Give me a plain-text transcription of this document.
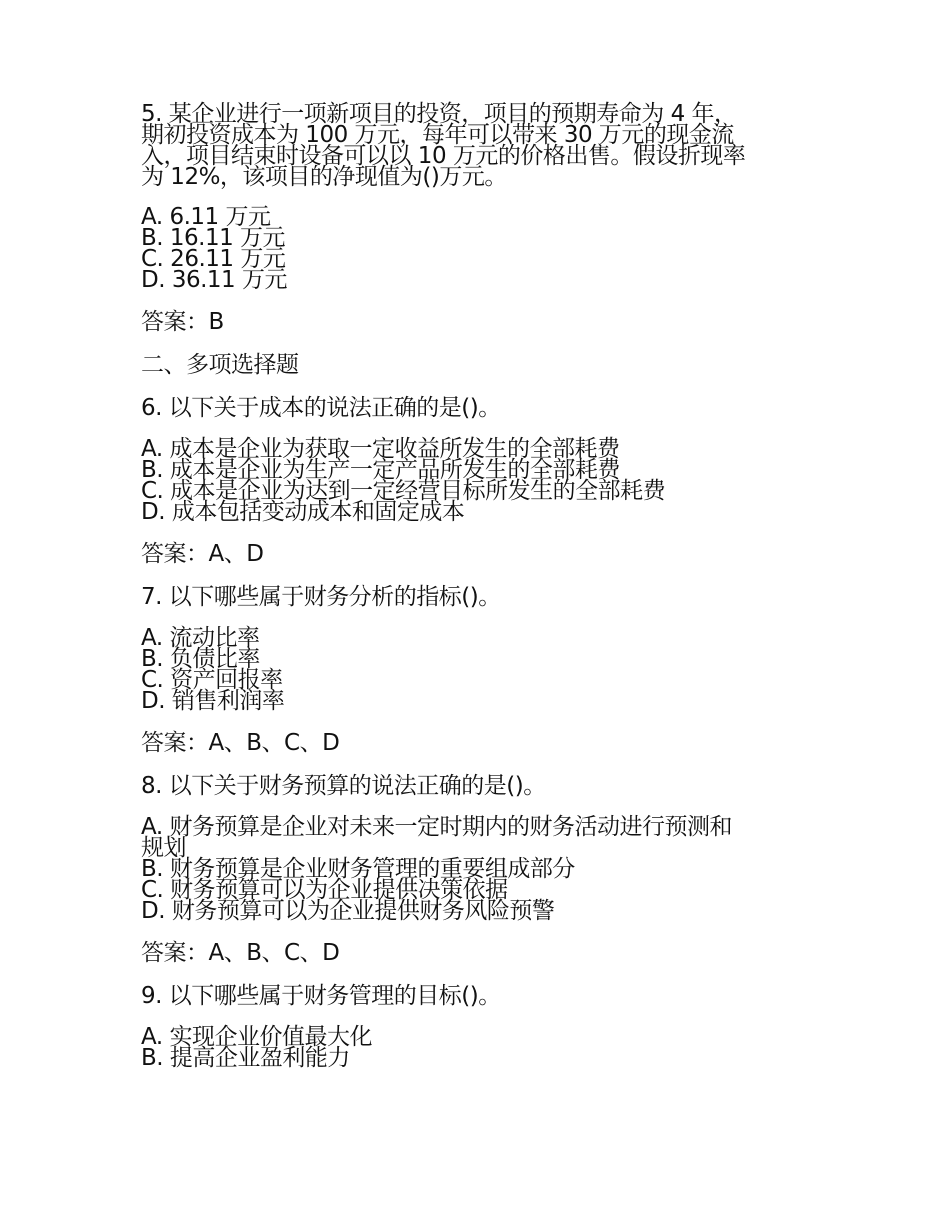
5. 某企业进行一项新项目的投资，项目的预期寿命为 4 年，
期初投资成本为 100 万元，每年可以带来 30 万元的现金流
入，项目结束时设备可以以 10 万元的价格出售。假设折现率
为 12%，该项目的净现值为()万元。
A. 6.11 万元
B. 16.11 万元
C. 26.11 万元
D. 36.11 万元
答案：B
二、多项选择题
6. 以下关于成本的说法正确的是()。
A. 成本是企业为获取一定收益所发生的全部耗费
B. 成本是企业为生产一定产品所发生的全部耗费
C. 成本是企业为达到一定经营目标所发生的全部耗费
D. 成本包括变动成本和固定成本
答案：A、D
7. 以下哪些属于财务分析的指标()。
A. 流动比率
B. 负债比率
C. 资产回报率
D. 销售利润率
答案：A、B、C、D
8. 以下关于财务预算的说法正确的是()。
A. 财务预算是企业对未来一定时期内的财务活动进行预测和
规划
B. 财务预算是企业财务管理的重要组成部分
C. 财务预算可以为企业提供决策依据
D. 财务预算可以为企业提供财务风险预警
答案：A、B、C、D
9. 以下哪些属于财务管理的目标()。
A. 实现企业价值最大化
B. 提高企业盈利能力
